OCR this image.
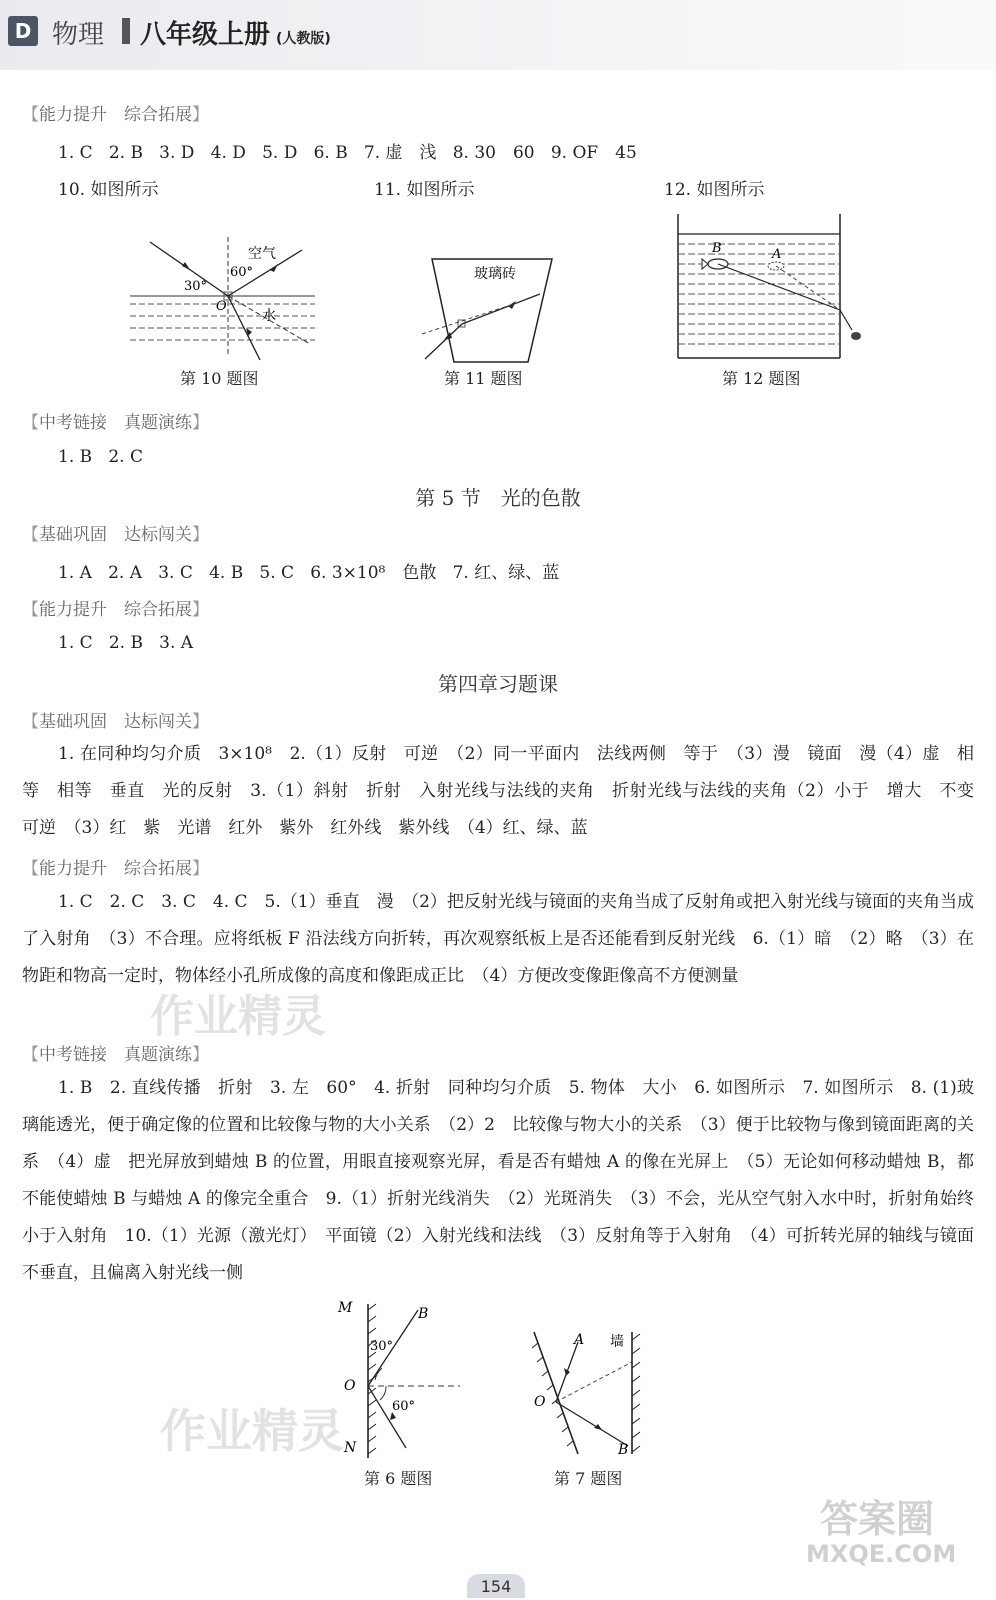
D 物理 八年级上册 (人教版)
【能力提升　综合拓展】
1. C   2. B   3. D   4. D   5. D   6. B   7. 虚　浅   8. 30　60   9. OF　45
10. 如图所示	11. 如图所示	12. 如图所示
空气
60°
30°
O
水
第 10 题图
玻璃砖
第 11 题图
B	A
第 12 题图
【中考链接　真题演练】
1. B   2. C
第 5 节　光的色散
【基础巩固　达标闯关】
1. A   2. A   3. C   4. B   5. C   6. 3×10⁸　色散   7. 红、绿、蓝
【能力提升　综合拓展】
1. C   2. B   3. A
第四章习题课
【基础巩固　达标闯关】
1. 在同种均匀介质　3×10⁸　2.（1）反射　可逆　（2）同一平面内　法线两侧　等于　（3）漫　镜面　漫（4）虚　相等　相等　垂直　光的反射　3.（1）斜射　折射　入射光线与法线的夹角　折射光线与法线的夹角（2）小于　增大　不变　可逆　（3）红　紫　光谱　红外　紫外　红外线　紫外线　（4）红、绿、蓝
【能力提升　综合拓展】
1. C　2. C　3. C　4. C　5.（1）垂直　漫　（2）把反射光线与镜面的夹角当成了反射角或把入射光线与镜面的夹角当成了入射角　（3）不合理。应将纸板 F 沿法线方向折转，再次观察纸板上是否还能看到反射光线　6.（1）暗　（2）略　（3）在物距和物高一定时，物体经小孔所成像的高度和像距成正比　（4）方便改变像距像高不方便测量
【中考链接　真题演练】
1. B　2. 直线传播　折射　3. 左　60°　4. 折射　同种均匀介质　5. 物体　大小　6. 如图所示　7. 如图所示　8. (1)玻璃能透光，便于确定像的位置和比较像与物的大小关系　（2）2　比较像与物大小的关系　（3）便于比较物与像到镜面距离的关系　（4）虚　把光屏放到蜡烛 B 的位置，用眼直接观察光屏，看是否有蜡烛 A 的像在光屏上　（5）无论如何移动蜡烛 B，都不能使蜡烛 B 与蜡烛 A 的像完全重合　9.（1）折射光线消失　（2）光斑消失　（3）不会，光从空气射入水中时，折射角始终小于入射角　10.（1）光源（激光灯）　平面镜（2）入射光线和法线　（3）反射角等于入射角　（4）可折转光屏的轴线与镜面不垂直，且偏离入射光线一侧
M	B
30°
O
60°
N
第 6 题图
A 墙
O
B
第 7 题图
作业精灵
作业精灵
答案圈
MXQE.COM
154
